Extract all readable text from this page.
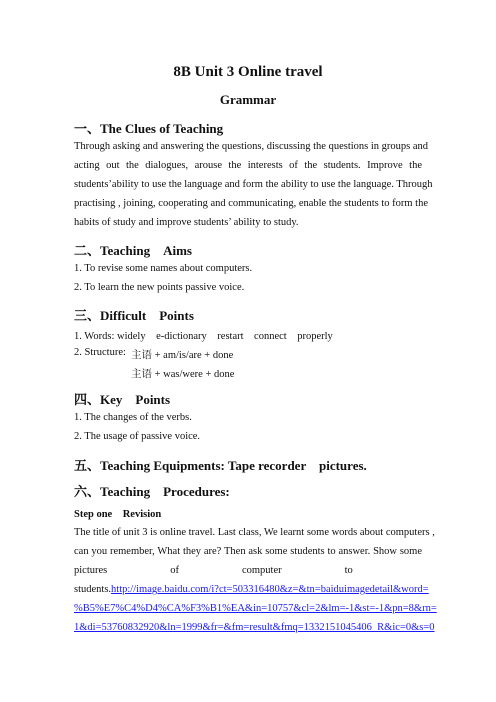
8B Unit 3 Online travel
Grammar
一、The Clues of Teaching
Through asking and answering the questions, discussing the questions in groups and
acting out the dialogues, arouse the interests of the students. Improve the
students’ability to use the language and form the ability to use the language. Through
practising , joining, cooperating and communicating, enable the students to form the
habits of study and improve students’ ability to study.
二、Teaching　Aims
1. To revise some names about computers.
2. To learn the new points passive voice.
三、Difficult　Points
1. Words: widely　e-dictionary　restart　connect　properly
2. Structure: 主语 + am/is/are + done
主语 + was/were + done
四、Key　Points
1. The changes of the verbs.
2. The usage of passive voice.
五、Teaching Equipments: Tape recorder　pictures.
六、Teaching　Procedures:
Step one　Revision
The title of unit 3 is online travel. Last class, We learnt some words about computers ,
can you remember, What they are? Then ask some students to answer. Show some
pictures　　　　　　of　　　　　　computer　　　　　　to
students.http://image.baidu.com/i?ct=503316480&z=&tn=baiduimagedetail&word=
%B5%E7%C4%D4%CA%F3%B1%EA&in=10757&cl=2&lm=-1&st=-1&pn=8&rn=
1&di=53760832920&ln=1999&fr=&fm=result&fmq=1332151045406_R&ic=0&s=0
